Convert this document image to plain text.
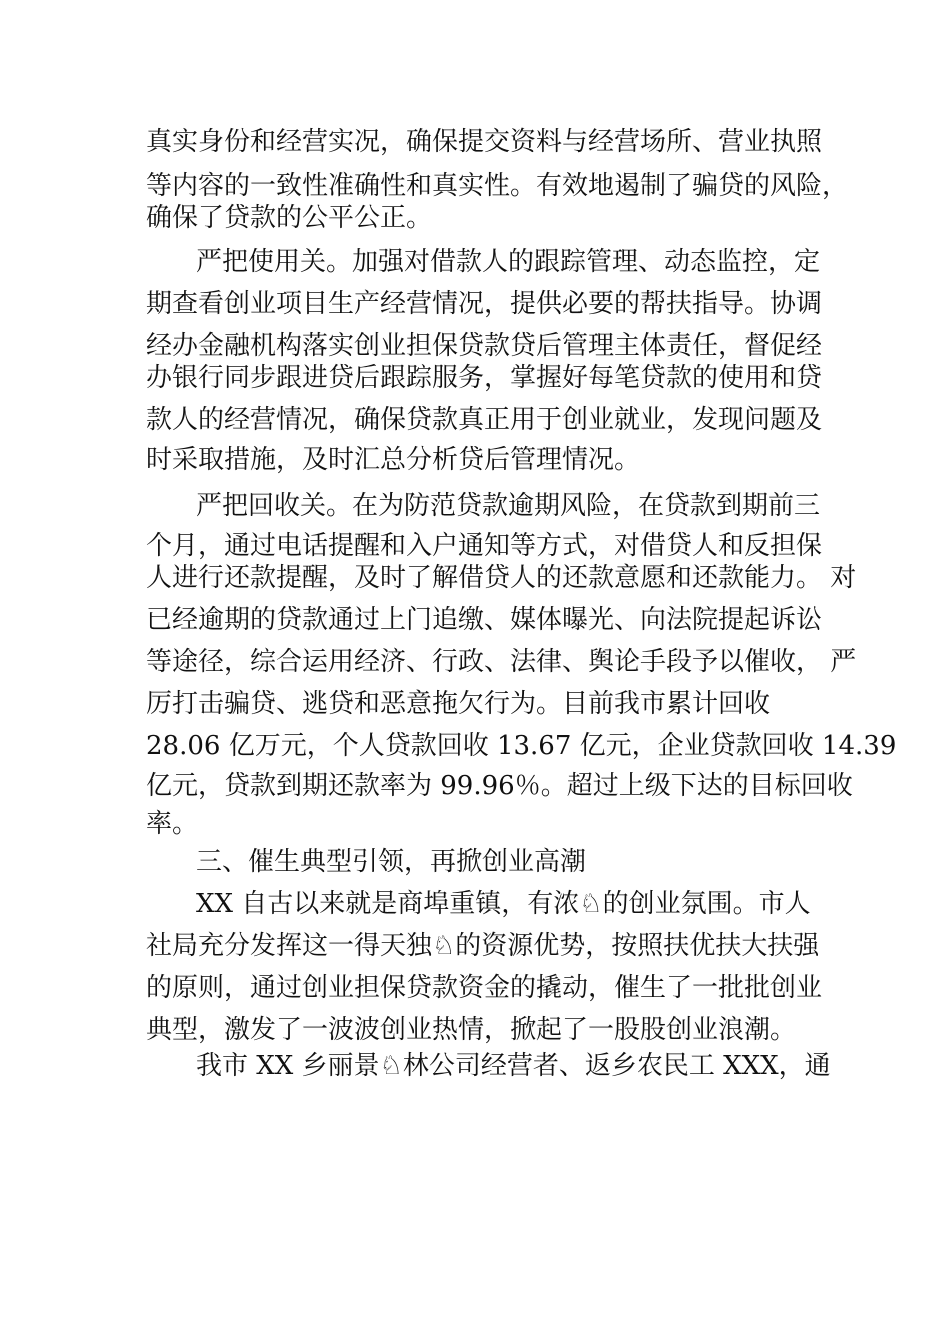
真实身份和经营实况，确保提交资料与经营场所、营业执照
等内容的一致性准确性和真实性。有效地遏制了骗贷的风险，
确保了贷款的公平公正。
严把使用关。加强对借款人的跟踪管理、动态监控，定
期查看创业项目生产经营情况，提供必要的帮扶指导。协调
经办金融机构落实创业担保贷款贷后管理主体责任，督促经
办银行同步跟进贷后跟踪服务，掌握好每笔贷款的使用和贷
款人的经营情况，确保贷款真正用于创业就业，发现问题及
时采取措施，及时汇总分析贷后管理情况。
严把回收关。在为防范贷款逾期风险，在贷款到期前三
个月，通过电话提醒和入户通知等方式，对借贷人和反担保
人进行还款提醒，及时了解借贷人的还款意愿和还款能力。 对
已经逾期的贷款通过上门追缴、媒体曝光、向法院提起诉讼
等途径，综合运用经济、行政、法律、舆论手段予以催收， 严
厉打击骗贷、逃贷和恶意拖欠行为。目前我市累计回收
28.06 亿万元，个人贷款回收 13.67 亿元，企业贷款回收 14.39
亿元，贷款到期还款率为 99.96％。超过上级下达的目标回收
率。
三、催生典型引领，再掀创业高潮
XX 自古以来就是商埠重镇，有浓♘的创业氛围。市人
社局充分发挥这一得天独♘的资源优势，按照扶优扶大扶强
的原则，通过创业担保贷款资金的撬动，催生了一批批创业
典型，激发了一波波创业热情，掀起了一股股创业浪潮。
我市 XX 乡丽景♘林公司经营者、返乡农民工 XXX，通
